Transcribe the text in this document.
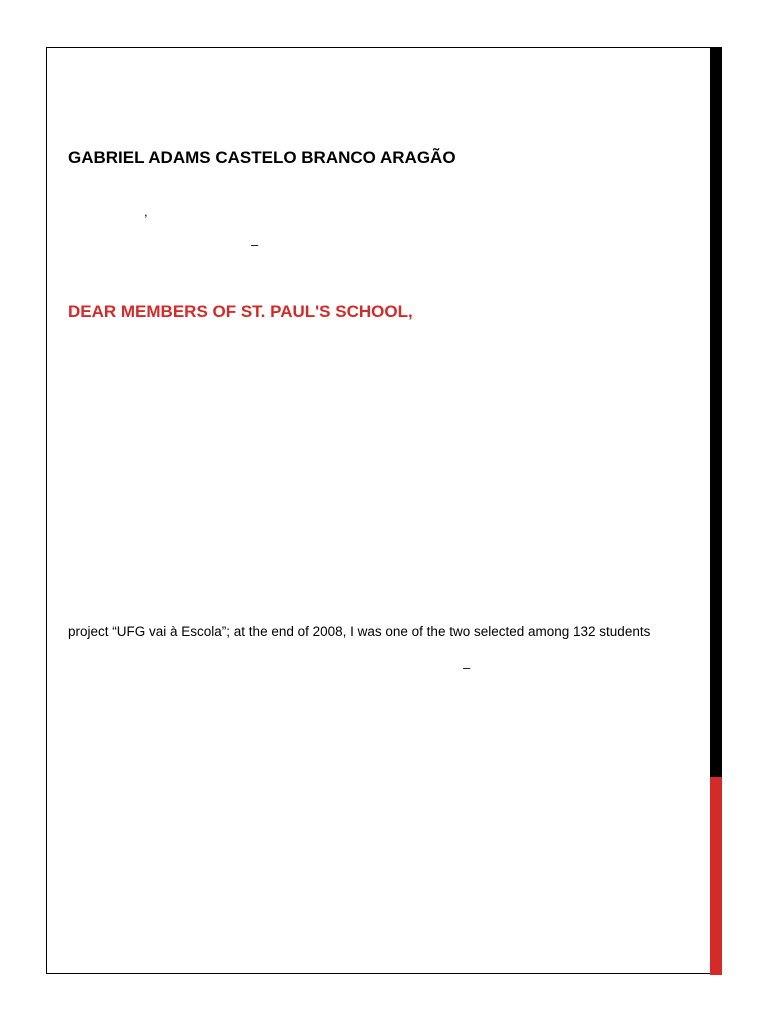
GABRIEL ADAMS CASTELO BRANCO ARAGÃO
,
–
DEAR MEMBERS OF ST. PAUL'S SCHOOL,
project “UFG vai à Escola”; at the end of 2008, I was one of the two selected among 132 students
–
